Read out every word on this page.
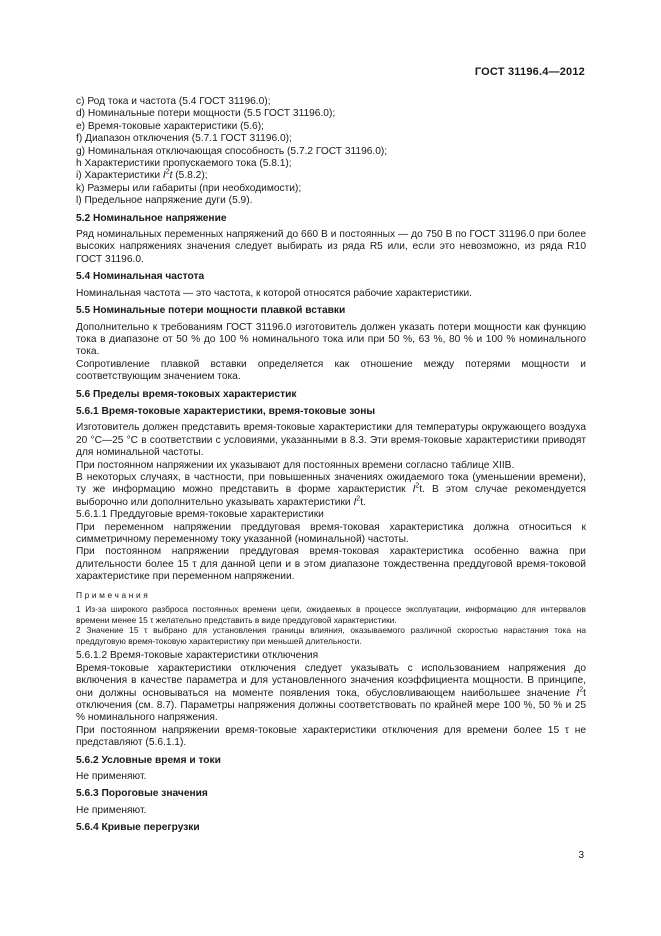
ГОСТ 31196.4—2012

c) Род тока и частота (5.4 ГОСТ 31196.0);

d) Номинальные потери мощности (5.5 ГОСТ 31196.0);

e) Время-токовые характеристики (5.6);

f) Диапазон отключения (5.7.1 ГОСТ 31196.0);

g) Номинальная отключающая способность (5.7.2 ГОСТ 31196.0);

h Характеристики пропускаемого тока (5.8.1);

i) Характеристики $I^2t$ (5.8.2);

k) Размеры или габариты (при необходимости);

l) Предельное напряжение дуги (5.9).

5.2 Номинальное напряжение

Ряд номинальных переменных напряжений до 660 В и постоянных — до 750 В по ГОСТ 31196.0 при более высоких напряжениях значения следует выбирать из ряда R5 или, если это невозможно, из ряда R10 ГОСТ 31196.0.

5.4 Номинальная частота

Номинальная частота — это частота, к которой относятся рабочие характеристики.

5.5 Номинальные потери мощности плавкой вставки

Дополнительно к требованиям ГОСТ 31196.0 изготовитель должен указать потери мощности как функцию тока в диапазоне от 50 % до 100 % номинального тока или при 50 %, 63 %, 80 % и 100 % номинального тока.

Сопротивление плавкой вставки определяется как отношение между потерями мощности и соответствующим значением тока.

5.6 Пределы время-токовых характеристик

5.6.1 Время-токовые характеристики, время-токовые зоны

Изготовитель должен представить время-токовые характеристики для температуры окружающего воздуха 20 °С—25 °С в соответствии с условиями, указанными в 8.3. Эти время-токовые характеристики приводят для номинальной частоты.

При постоянном напряжении их указывают для постоянных времени согласно таблице XIIB.

В некоторых случаях, в частности, при повышенных значениях ожидаемого тока (уменьшении времени), ту же информацию можно представить в форме характеристик $I^2t$. В этом случае рекомендуется выборочно или дополнительно указывать характеристики $I^2t$.

5.6.1.1 Преддуговые время-токовые характеристики

При переменном напряжении преддуговая время-токовая характеристика должна относиться к симметричному переменному току указанной (номинальной) частоты.

При постоянном напряжении преддуговая время-токовая характеристика особенно важна при длительности более 15 τ для данной цепи и в этом диапазоне тождественна преддуговой время-токовой характеристике при переменном напряжении.

Примечания

1 Из-за широкого разброса постоянных времени цепи, ожидаемых в процессе эксплуатации, информацию для интервалов времени менее 15 τ желательно представить в виде преддуговой характеристики.

2 Значение 15 τ выбрано для установления границы влияния, оказываемого различной скоростью нарастания тока на преддуговую время-токовую характеристику при меньшей длительности.

5.6.1.2 Время-токовые характеристики отключения

Время-токовые характеристики отключения следует указывать с использованием напряжения до включения в качестве параметра и для установленного значения коэффициента мощности. В принципе, они должны основываться на моменте появления тока, обусловливающем наибольшее значение $I^2t$ отключения (см. 8.7). Параметры напряжения должны соответствовать по крайней мере 100 %, 50 % и 25 % номинального напряжения.

При постоянном напряжении время-токовые характеристики отключения для времени более 15 τ не представляют (5.6.1.1).

5.6.2 Условные время и токи

Не применяют.

5.6.3 Пороговые значения

Не применяют.

5.6.4 Кривые перегрузки

3
